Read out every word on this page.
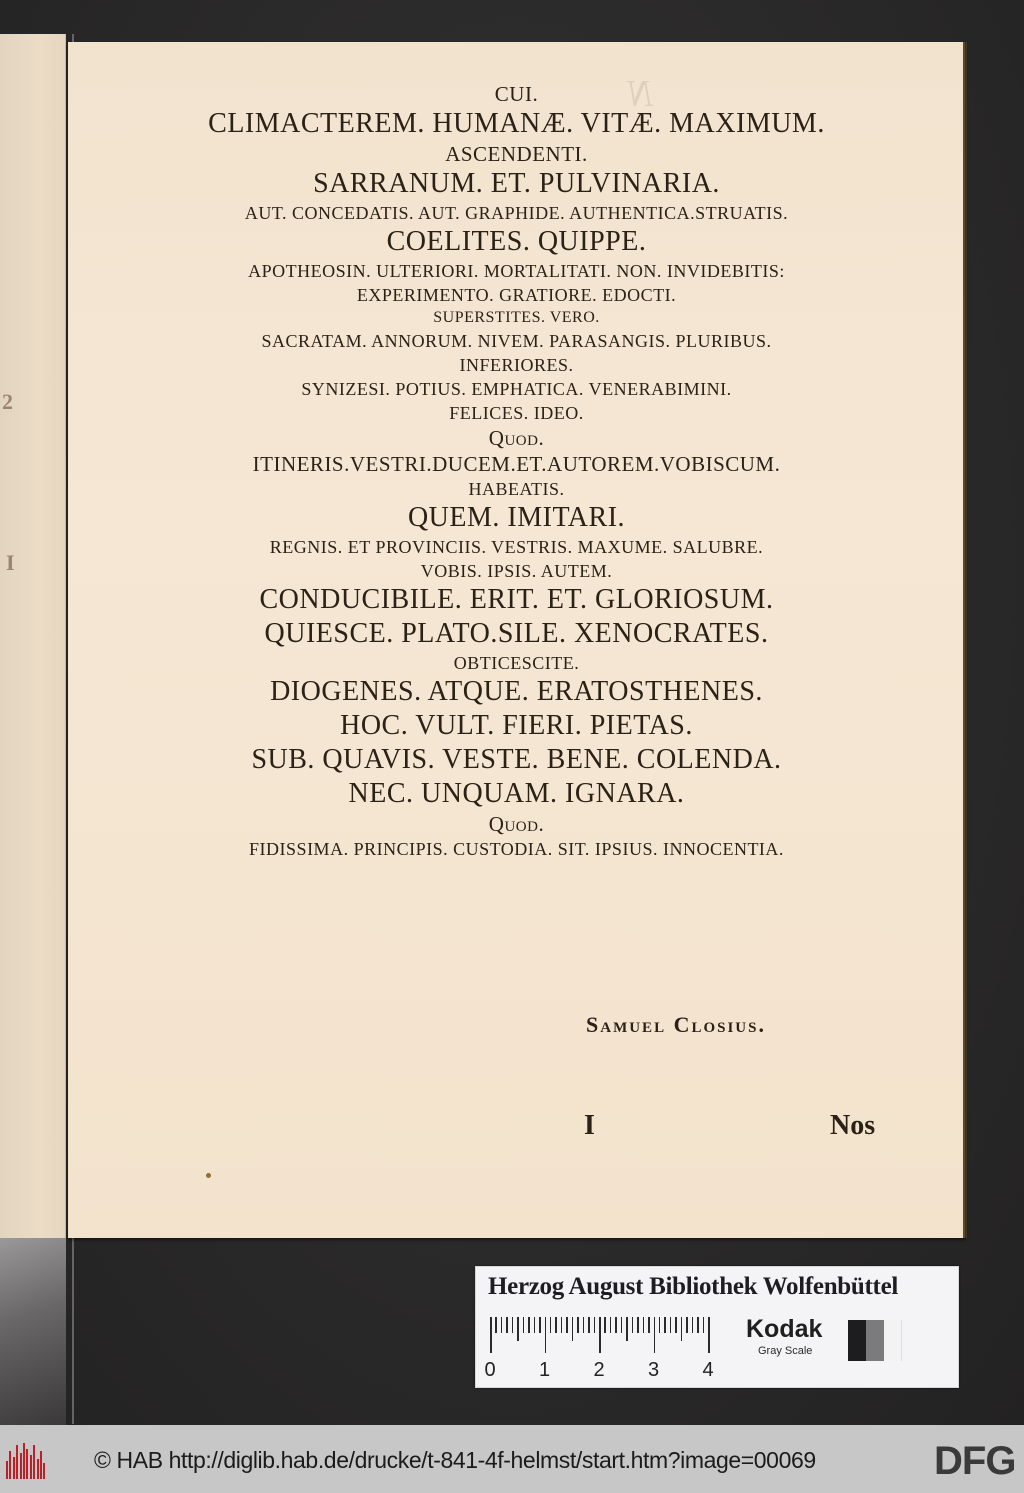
2
I
N
CUI.
CLIMACTEREM. HUMANÆ. VITÆ. MAXIMUM.
ASCENDENTI.
SARRANUM. ET. PULVINARIA.
AUT. CONCEDATIS. AUT. GRAPHIDE. AUTHENTICA.STRUATIS.
COELITES. QUIPPE.
APOTHEOSIN. ULTERIORI. MORTALITATI. NON. INVIDEBITIS:
EXPERIMENTO. GRATIORE. EDOCTI.
SUPERSTITES. VERO.
SACRATAM. ANNORUM. NIVEM. PARASANGIS. PLURIBUS.
INFERIORES.
SYNIZESI. POTIUS. EMPHATICA. VENERABIMINI.
FELICES. IDEO.
Quod.
ITINERIS.VESTRI.DUCEM.ET.AUTOREM.VOBISCUM.
HABEATIS.
QUEM. IMITARI.
REGNIS. ET PROVINCIIS. VESTRIS. MAXUME. SALUBRE.
VOBIS. IPSIS. AUTEM.
CONDUCIBILE. ERIT. ET. GLORIOSUM.
QUIESCE. PLATO.SILE. XENOCRATES.
OBTICESCITE.
DIOGENES. ATQUE. ERATOSTHENES.
HOC. VULT. FIERI. PIETAS.
SUB. QUAVIS. VESTE. BENE. COLENDA.
NEC. UNQUAM. IGNARA.
Quod.
FIDISSIMA. PRINCIPIS. CUSTODIA. SIT. IPSIUS. INNOCENTIA.
Samuel Closius.
I	Nos
Herzog August Bibliothek Wolfenbüttel
0 1 2 3 4
Kodak
Gray Scale
© HAB http://diglib.hab.de/drucke/t-841-4f-helmst/start.htm?image=00069	DFG
